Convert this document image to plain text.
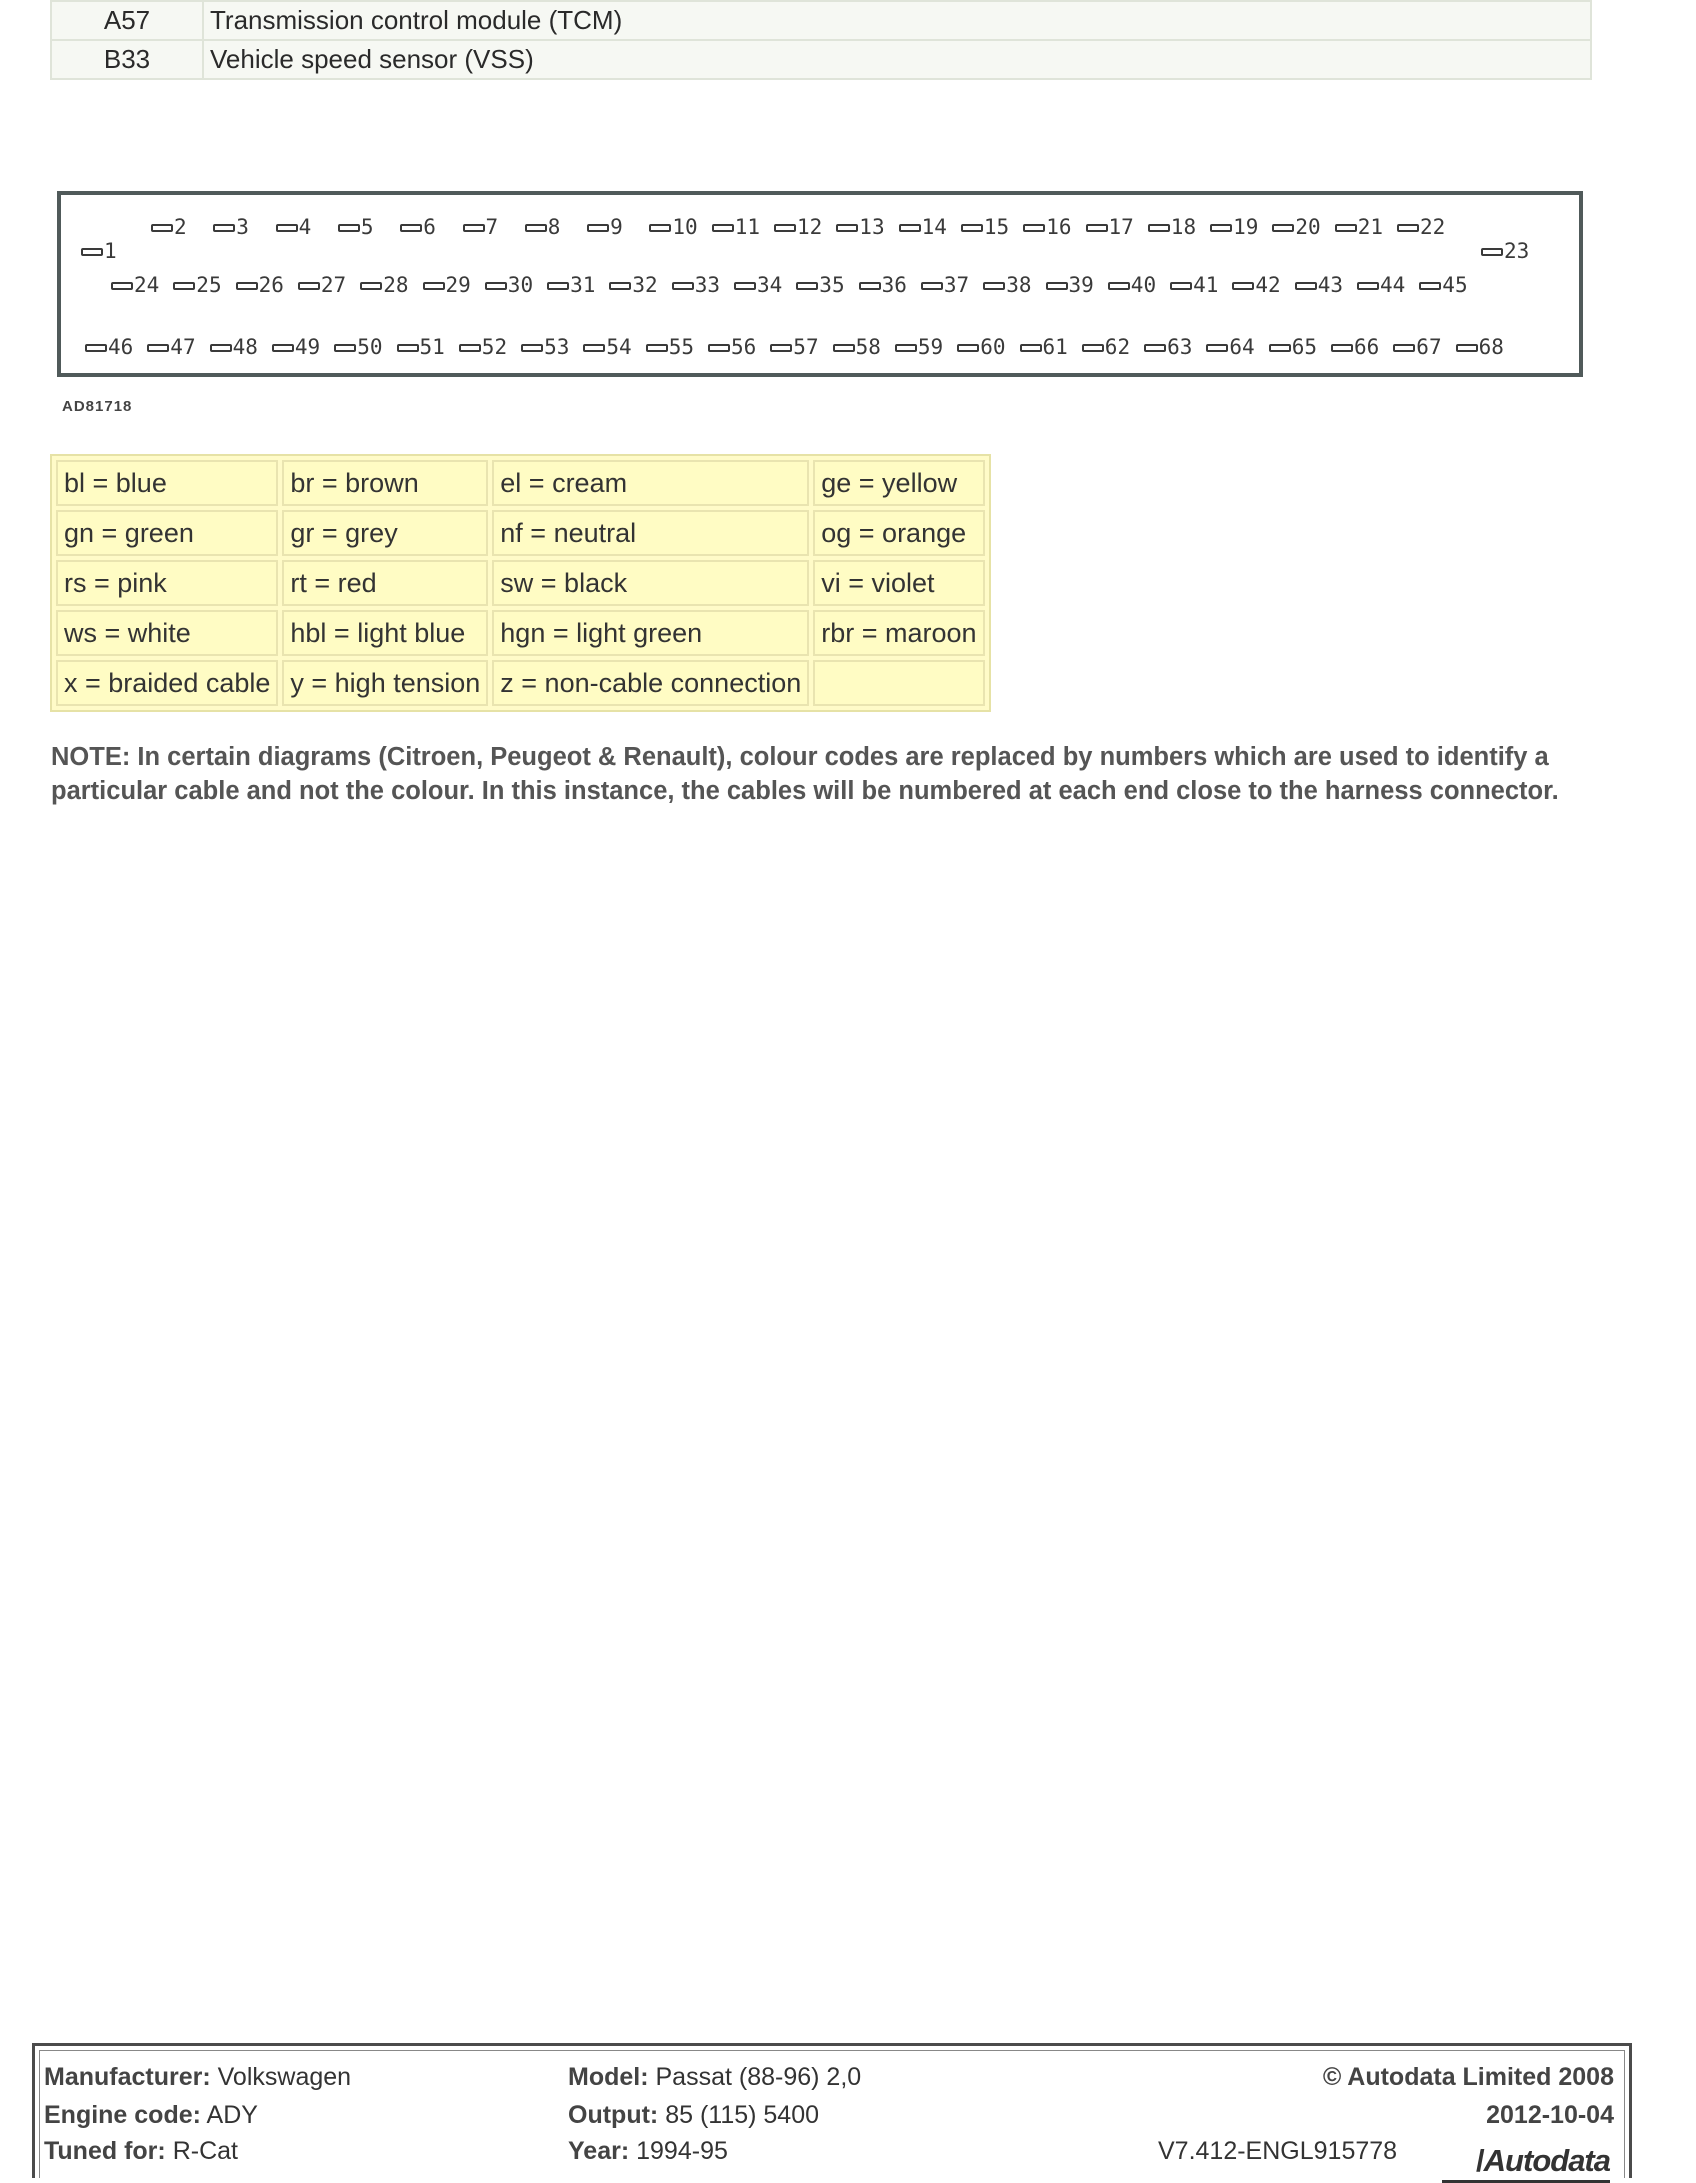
A57	Transmission control module (TCM)
B33	Vehicle speed sensor (VSS)
1
2	3	4	5	6	7	8	9	10	11	12	13	14	15	16	17	18	19	20	21	22
23
24	25	26	27	28	29	30	31	32	33	34	35	36	37	38	39	40	41	42	43	44	45
46	47	48	49	50	51	52	53	54	55	56	57	58	59	60	61	62	63	64	65	66	67	68
AD81718
bl = blue	br = brown	el = cream	ge = yellow
gn = green	gr = grey	nf = neutral	og = orange
rs = pink	rt = red	sw = black	vi = violet
ws = white	hbl = light blue	hgn = light green	rbr = maroon
x = braided cable	y = high tension	z = non-cable connection	
NOTE: In certain diagrams (Citroen, Peugeot & Renault), colour codes are replaced by numbers which are used to identify a particular cable and not the colour. In this instance, the cables will be numbered at each end close to the harness connector.
Manufacturer: Volkswagen
Engine code: ADY
Tuned for: R-Cat
Model: Passat (88-96) 2,0
Output: 85 (115) 5400
Year: 1994-95
© Autodata Limited 2008
2012-10-04
V7.412-ENGL915778	/Autodata
